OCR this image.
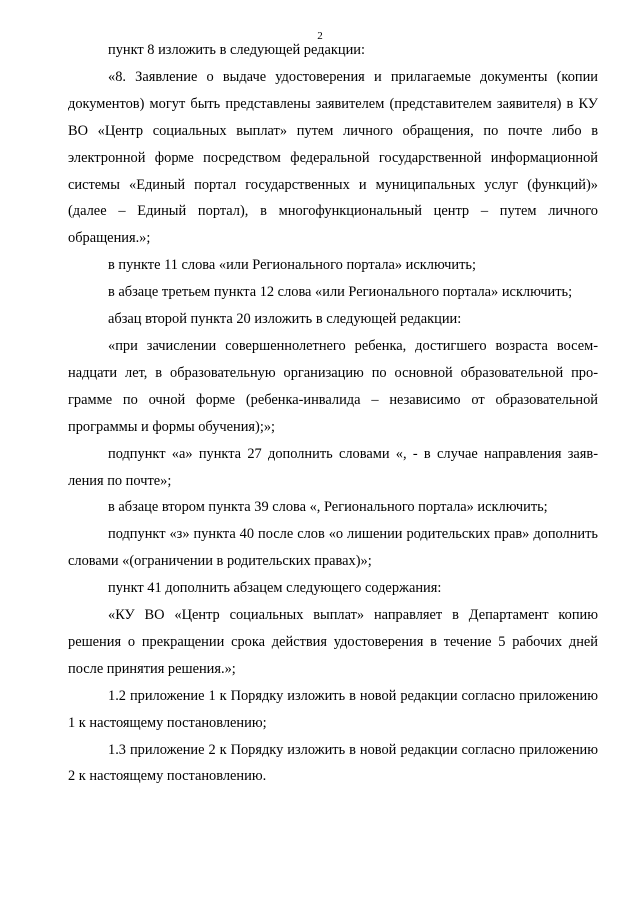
2

пункт 8 изложить в следующей редакции:

«8. Заявление о выдаче удостоверения и прилагаемые документы (копии документов) могут быть представлены заявителем (представителем заявителя) в КУ ВО «Центр социальных выплат» путем личного обращения, по почте либо в электронной форме посредством федеральной государственной информационной системы «Единый портал государственных и муниципальных услуг (функций)» (далее – Единый портал), в многофункциональный центр – путем личного обращения.»;

в пункте 11 слова «или Регионального портала» исключить;

в абзаце третьем пункта 12 слова «или Регионального портала» исключить;

абзац второй пункта 20 изложить в следующей редакции:

«при зачислении совершеннолетнего ребенка, достигшего возраста восемнадцати лет, в образовательную организацию по основной образовательной программе по очной форме (ребенка-инвалида – независимо от образовательной программы и формы обучения);»;

подпункт «а» пункта 27 дополнить словами «, - в случае направления заявления по почте»;

в абзаце втором пункта 39 слова «, Регионального портала» исключить;

подпункт «з» пункта 40 после слов «о лишении родительских прав» дополнить словами «(ограничении в родительских правах)»;

пункт 41 дополнить абзацем следующего содержания:

«КУ ВО «Центр социальных выплат» направляет в Департамент копию решения о прекращении срока действия удостоверения в течение 5 рабочих дней после принятия решения.»;

1.2 приложение 1 к Порядку изложить в новой редакции согласно приложению 1 к настоящему постановлению;

1.3 приложение 2 к Порядку изложить в новой редакции согласно приложению 2 к настоящему постановлению.
